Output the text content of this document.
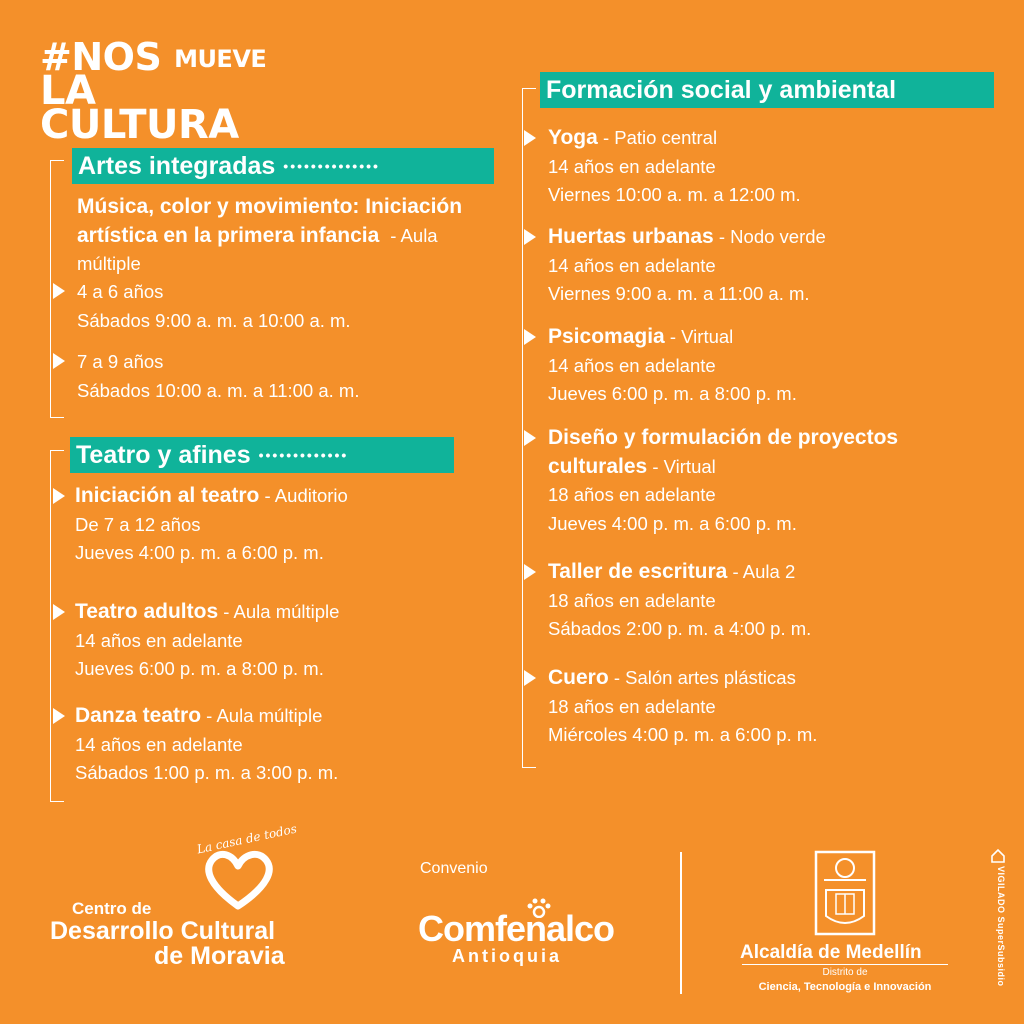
#NOS $^{MUEVE}$
LA CULTURA
Artes integradas ••••••••••••••
Música, color y movimiento: Iniciación artística en la primera infancia - Aula múltiple
4 a 6 años
Sábados 9:00 a. m. a 10:00 a. m.
7 a 9 años
Sábados 10:00 a. m. a 11:00 a. m.
Teatro y afines •••••••••••••
Iniciación al teatro - Auditorio
De 7 a 12 años
Jueves 4:00 p. m. a 6:00 p. m.
Teatro adultos - Aula múltiple
14 años en adelante
Jueves 6:00 p. m. a 8:00 p. m.
Danza teatro - Aula múltiple
14 años en adelante
Sábados 1:00 p. m. a 3:00 p. m.
Formación social y ambiental
Yoga - Patio central
14 años en adelante
Viernes 10:00 a. m. a 12:00 m.
Huertas urbanas - Nodo verde
14 años en adelante
Viernes 9:00 a. m. a 11:00 a. m.
Psicomagia - Virtual
14 años en adelante
Jueves 6:00 p. m. a 8:00 p. m.
Diseño y formulación de proyectos
culturales - Virtual
18 años en adelante
Jueves 4:00 p. m. a 6:00 p. m.
Taller de escritura - Aula 2
18 años en adelante
Sábados 2:00 p. m. a 4:00 p. m.
Cuero - Salón artes plásticas
18 años en adelante
Miércoles 4:00 p. m. a 6:00 p. m.
La casa de todos
Centro de
Desarrollo Cultural
de Moravia
Convenio
Comfenalco
Antioquia	Alcaldía de Medellín
Distrito de
Ciencia, Tecnología e Innovación
VIGILADO SuperSubsidio
